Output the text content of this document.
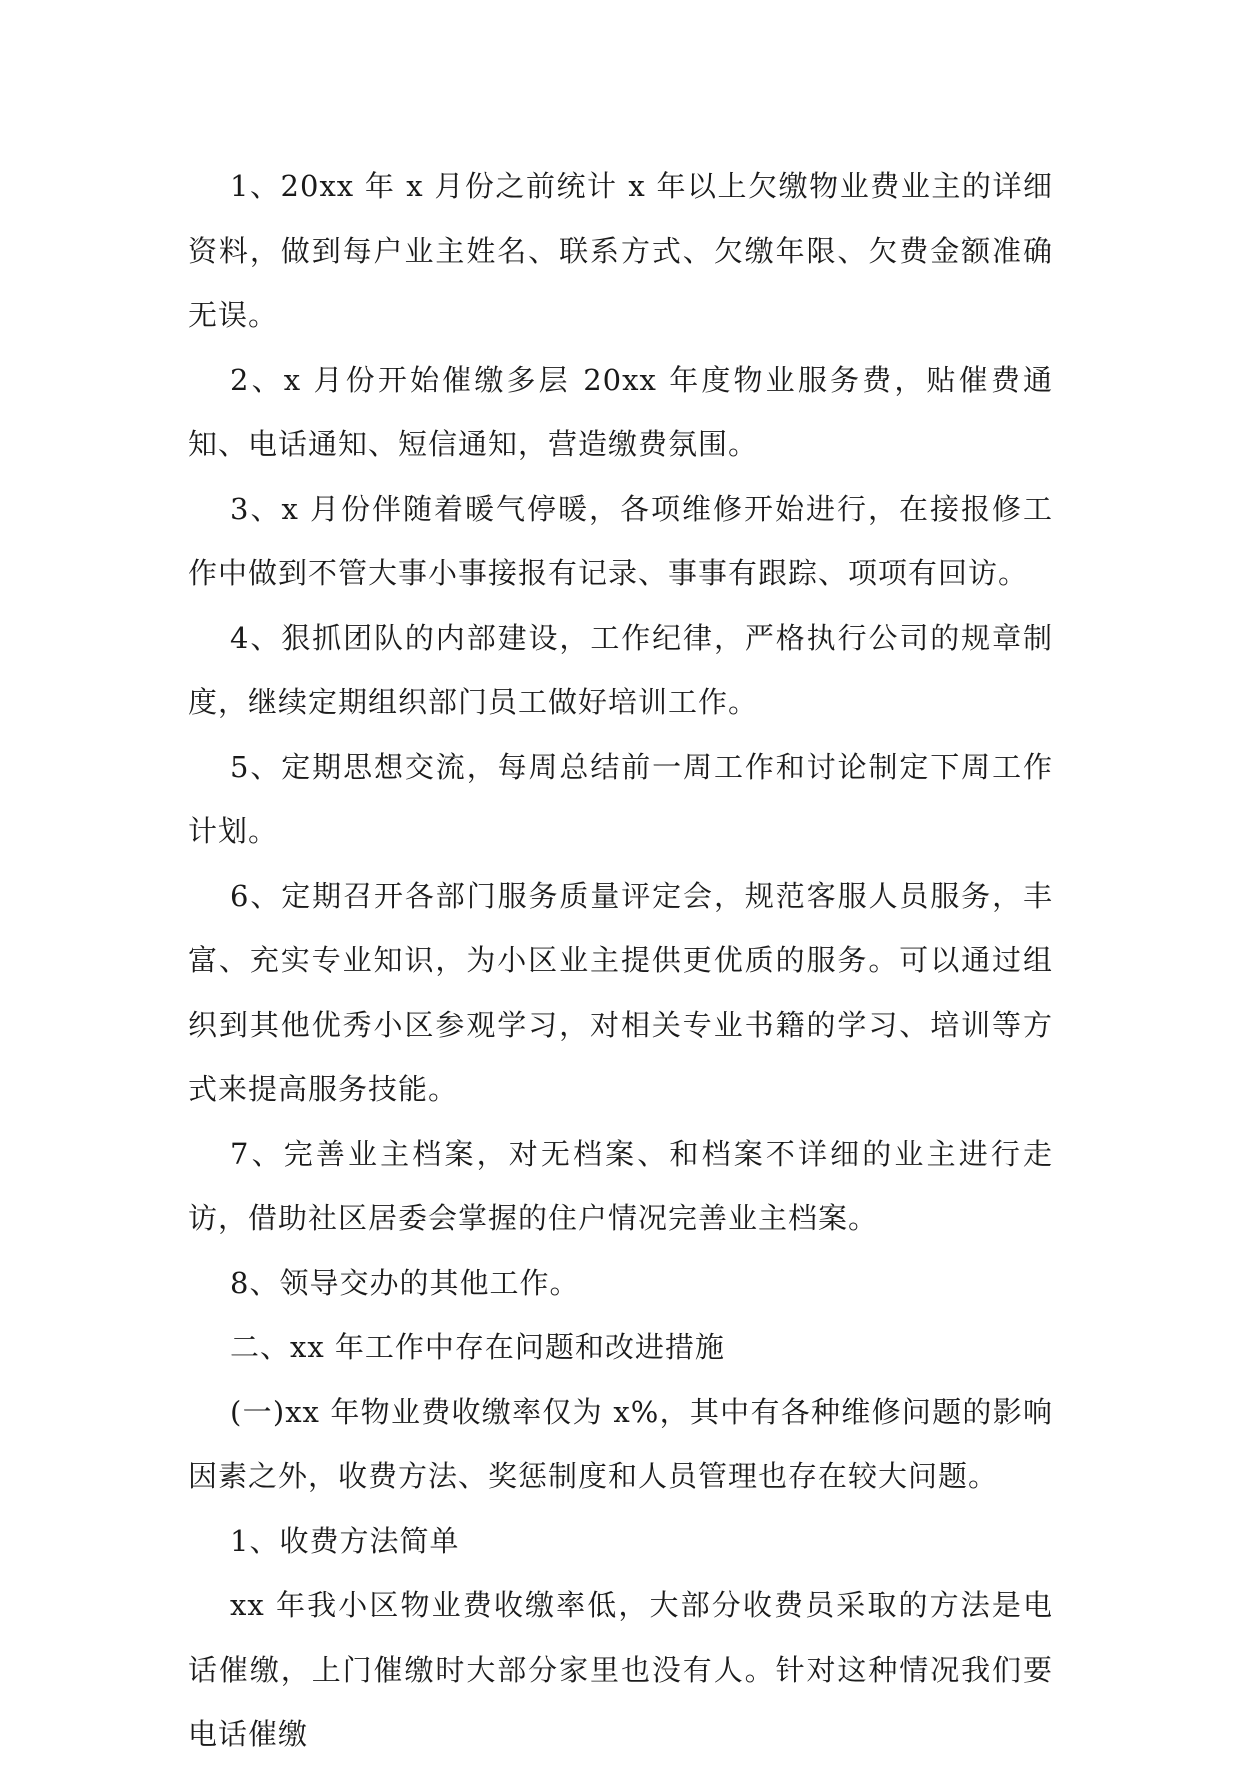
1、20xx 年 x 月份之前统计 x 年以上欠缴物业费业主的详细资料，做到每户业主姓名、联系方式、欠缴年限、欠费金额准确无误。

2、x 月份开始催缴多层 20xx 年度物业服务费，贴催费通知、电话通知、短信通知，营造缴费氛围。

3、x 月份伴随着暖气停暖，各项维修开始进行，在接报修工作中做到不管大事小事接报有记录、事事有跟踪、项项有回访。

4、狠抓团队的内部建设，工作纪律，严格执行公司的规章制度，继续定期组织部门员工做好培训工作。

5、定期思想交流，每周总结前一周工作和讨论制定下周工作计划。

6、定期召开各部门服务质量评定会，规范客服人员服务，丰富、充实专业知识，为小区业主提供更优质的服务。可以通过组织到其他优秀小区参观学习，对相关专业书籍的学习、培训等方式来提高服务技能。

7、完善业主档案，对无档案、和档案不详细的业主进行走访，借助社区居委会掌握的住户情况完善业主档案。

8、领导交办的其他工作。

二、xx 年工作中存在问题和改进措施

(一)xx 年物业费收缴率仅为 x%，其中有各种维修问题的影响因素之外，收费方法、奖惩制度和人员管理也存在较大问题。

1、收费方法简单

xx 年我小区物业费收缴率低，大部分收费员采取的方法是电话催缴，上门催缴时大部分家里也没有人。针对这种情况我们要电话催缴
